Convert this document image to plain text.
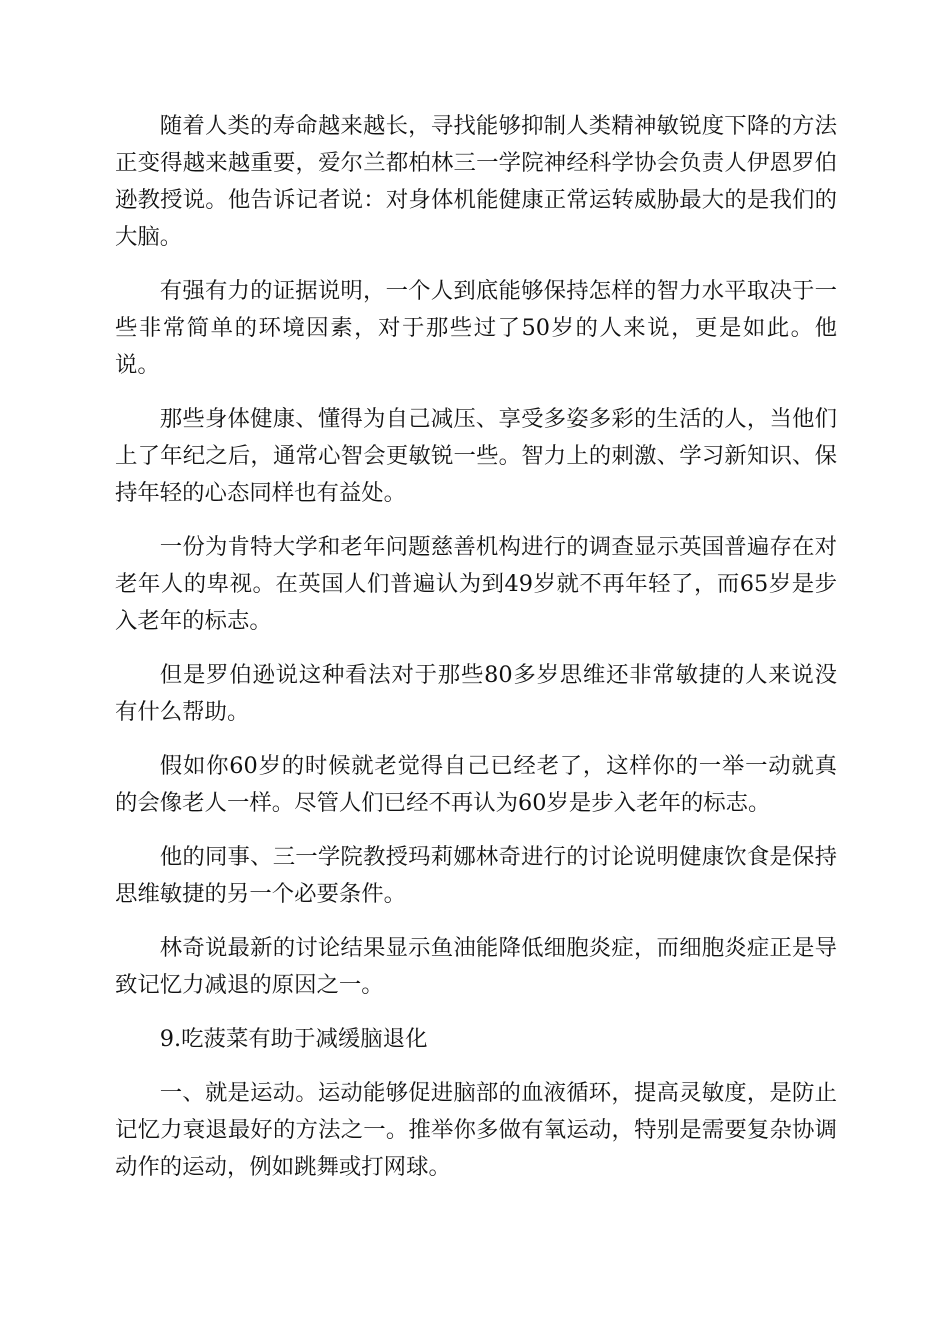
随着人类的寿命越来越长，寻找能够抑制人类精神敏锐度下降的方法正变得越来越重要，爱尔兰都柏林三一学院神经科学协会负责人伊恩罗伯逊教授说。他告诉记者说：对身体机能健康正常运转威胁最大的是我们的大脑。

有强有力的证据说明，一个人到底能够保持怎样的智力水平取决于一些非常简单的环境因素，对于那些过了50岁的人来说，更是如此。他说。

那些身体健康、懂得为自己减压、享受多姿多彩的生活的人，当他们上了年纪之后，通常心智会更敏锐一些。智力上的刺激、学习新知识、保持年轻的心态同样也有益处。

一份为肯特大学和老年问题慈善机构进行的调查显示英国普遍存在对老年人的卑视。在英国人们普遍认为到49岁就不再年轻了，而65岁是步入老年的标志。

但是罗伯逊说这种看法对于那些80多岁思维还非常敏捷的人来说没有什么帮助。

假如你60岁的时候就老觉得自己已经老了，这样你的一举一动就真的会像老人一样。尽管人们已经不再认为60岁是步入老年的标志。

他的同事、三一学院教授玛莉娜林奇进行的讨论说明健康饮食是保持思维敏捷的另一个必要条件。

林奇说最新的讨论结果显示鱼油能降低细胞炎症，而细胞炎症正是导致记忆力减退的原因之一。

9.吃菠菜有助于减缓脑退化

一、就是运动。运动能够促进脑部的血液循环，提高灵敏度，是防止记忆力衰退最好的方法之一。推举你多做有氧运动，特别是需要复杂协调动作的运动，例如跳舞或打网球。
